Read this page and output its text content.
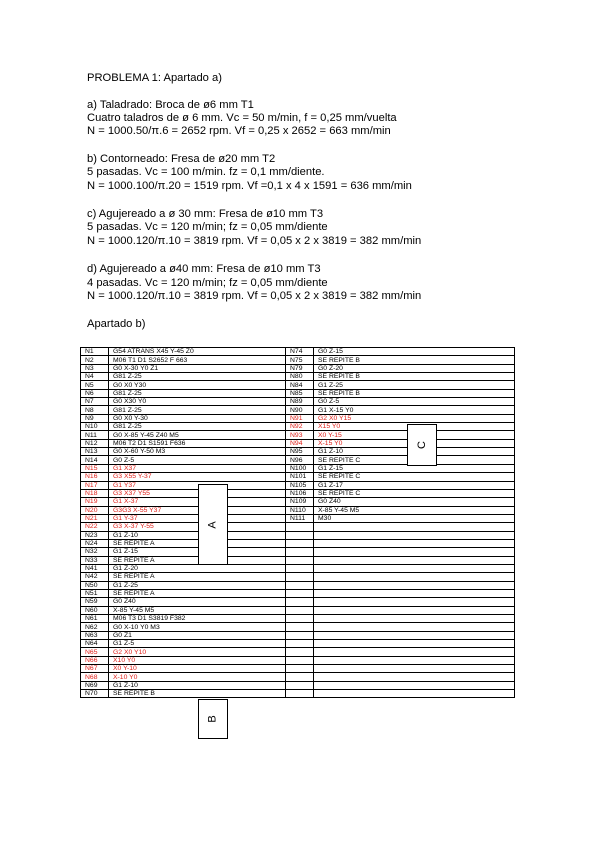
PROBLEMA 1: Apartado a)
a) Taladrado: Broca de ø6 mm T1
Cuatro taladros de ø 6 mm. Vc = 50 m/min, f = 0,25 mm/vuelta
N = 1000.50/π.6 = 2652 rpm. Vf = 0,25 x 2652 = 663 mm/min
b) Contorneado: Fresa de ø20 mm T2
5 pasadas. Vc = 100 m/min. fz = 0,1 mm/diente.
N = 1000.100/π.20 = 1519 rpm. Vf =0,1 x 4 x 1591 = 636 mm/min
c) Agujereado a ø 30 mm: Fresa de ø10 mm T3
5 pasadas. Vc = 120 m/min; fz = 0,05 mm/diente
N = 1000.120/π.10 = 3819 rpm. Vf = 0,05 x 2 x 3819 = 382 mm/min
d) Agujereado a ø40 mm: Fresa de ø10 mm T3
4 pasadas. Vc = 120 m/min; fz = 0,05 mm/diente
N = 1000.120/π.10 = 3819 rpm. Vf = 0,05 x 2 x 3819 = 382 mm/min
Apartado b)
N1	G54 ATRANS X45 Y-45 Z0	N74	G0 Z-15
N2	M06 T1 D1 S2652 F 663	N75	SE REPITE B
N3	G0 X-30 Y0 Z1	N79	G0 Z-20
N4	G81 Z-25	N80	SE REPITE B
N5	G0 X0 Y30	N84	G1 Z-25
N6	G81 Z-25	N85	SE REPITE B
N7	G0 X30 Y0	N89	G0 Z-5
N8	G81 Z-25	N90	G1 X-15 Y0
N9	G0 X0 Y-30	N91	G2 X0 Y15
N10	G81 Z-25	N92	X15 Y0
N11	G0 X-85 Y-45 Z40 M5	N93	X0 Y-15
N12	M06 T2 D1 S1591 F636	N94	X-15 Y0
N13	G0 X-60 Y-50 M3	N95	G1 Z-10
N14	G0 Z-5	N96	SE REPITE C
N15	G1 X37	N100	G1 Z-15
N16	G3 X55 Y-37	N101	SE REPITE C
N17	G1 Y37	N105	G1 Z-17
N18	G3 X37 Y55	N106	SE REPITE C
N19	G1 X-37	N109	G0 Z40
N20	G3G3 X-55 Y37	N110	X-85 Y-45 M5
N21	G1 Y-37	N111	M30
N22	G3 X-37 Y-55		
N23	G1 Z-10		
N24	SE REPITE A		
N32	G1 Z-15		
N33	SE REPITE A		
N41	G1 Z-20		
N42	SE REPITE A		
N50	G1 Z-25		
N51	SE REPITE A		
N59	G0 Z40		
N60	X-85 Y-45 M5		
N61	M06 T3 D1 S3819 F382		
N62	G0 X-10 Y0 M3		
N63	G0 Z1		
N64	G1 Z-5		
N65	G2 X0 Y10		
N66	X10 Y0		
N67	X0 Y-10		
N68	X-10 Y0		
N69	G1 Z-10		
N70	SE REPITE B		
A
C
B
